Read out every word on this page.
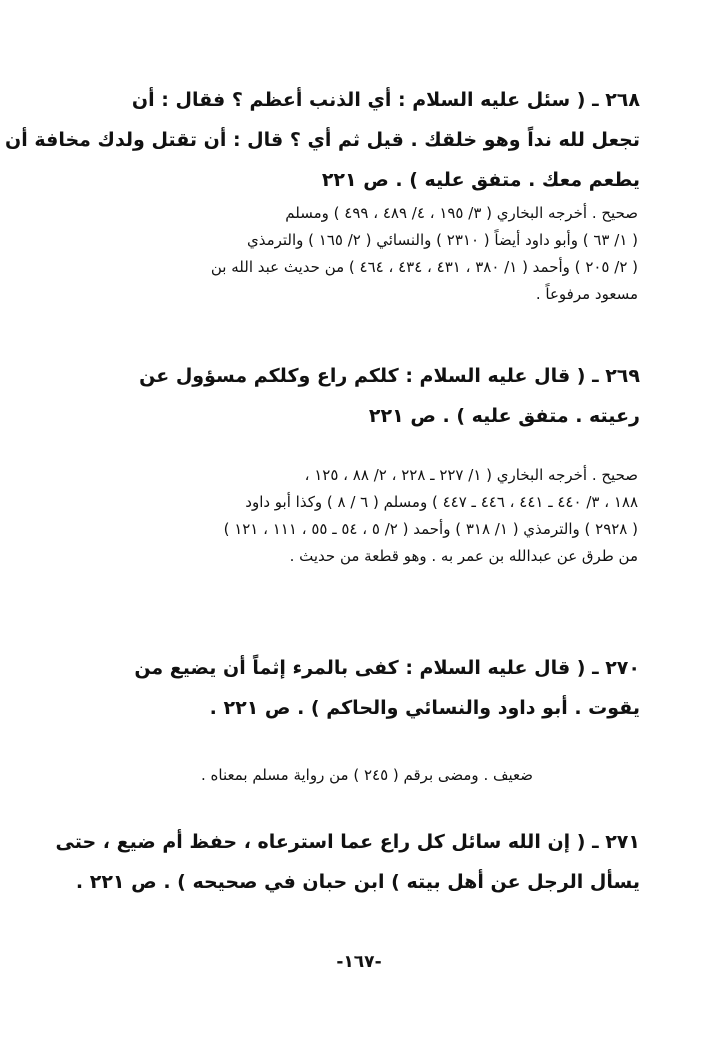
٢٦٨ ـ ( سئل عليه السلام : أي الذنب أعظم ؟ فقال : أن
تجعل لله نداً وهو خلقك . قيل ثم أي ؟ قال : أن تقتل ولدك مخافة أن
يطعم معك . متفق عليه ) . ص ٢٢١
صحيح . أخرجه البخاري ( ٣/ ١٩٥ ، ٤/ ٤٨٩ ، ٤٩٩ ) ومسلم
( ١/ ٦٣ ) وأبو داود أيضاً ( ٢٣١٠ ) والنسائي ( ٢/ ١٦٥ ) والترمذي
( ٢/ ٢٠٥ ) وأحمد ( ١/ ٣٨٠ ، ٤٣١ ، ٤٣٤ ، ٤٦٤ ) من حديث عبد الله بن
مسعود مرفوعاً .
٢٦٩ ـ ( قال عليه السلام : كلكم راع وكلكم مسؤول عن
رعيته . متفق عليه ) . ص ٢٢١
صحيح . أخرجه البخاري ( ١/ ٢٢٧ ـ ٢٢٨ ، ٢/ ٨٨ ، ١٢٥ ،
١٨٨ ، ٣/ ٤٤٠ ـ ٤٤١ ، ٤٤٦ ـ ٤٤٧ ) ومسلم ( ٦ / ٨ ) وكذا أبو داود
( ٢٩٢٨ ) والترمذي ( ١/ ٣١٨ ) وأحمد ( ٢/ ٥ ، ٥٤ ـ ٥٥ ، ١١١ ، ١٢١ )
من طرق عن عبدالله بن عمر به . وهو قطعة من حديث .
٢٧٠ ـ ( قال عليه السلام : كفى بالمرء إثماً أن يضيع من
يقوت . أبو داود والنسائي والحاكم ) . ص ٢٢١ .
ضعيف . ومضى برقم ( ٢٤٥ ) من رواية مسلم بمعناه .
٢٧١ ـ ( إن الله سائل كل راع عما استرعاه ، حفظ أم ضيع ، حتى
يسأل الرجل عن أهل بيته ) ابن حبان في صحيحه ) . ص ٢٢١ .
-١٦٧-
